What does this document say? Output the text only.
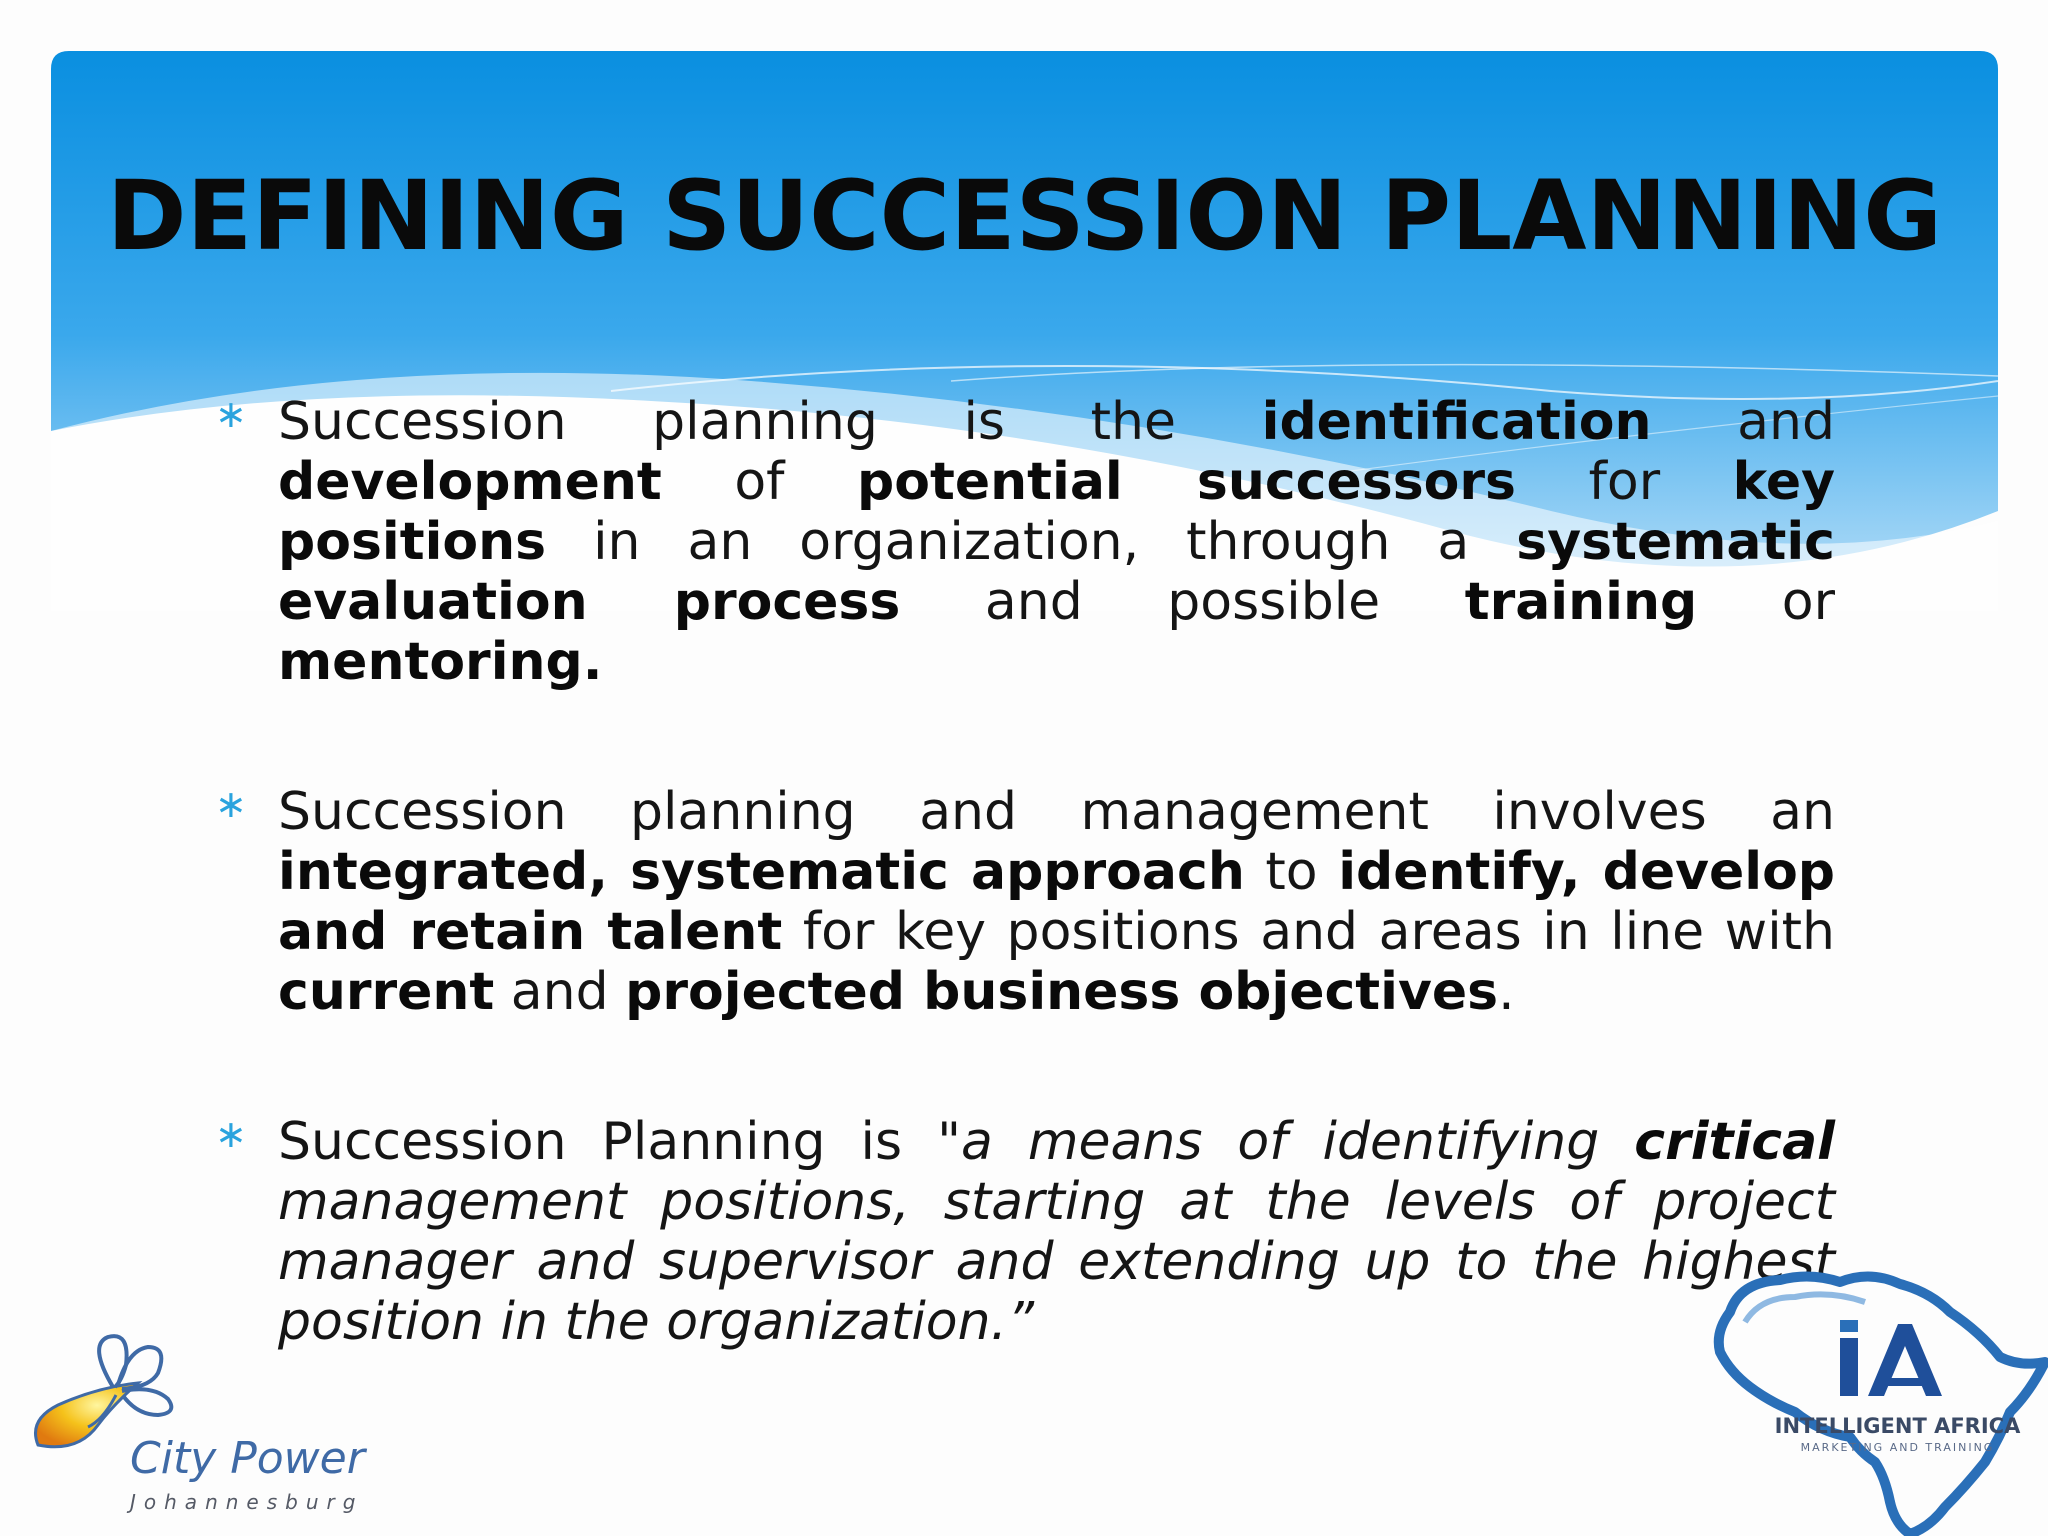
DEFINING SUCCESSION PLANNING
∗ Succession planning is the identification and development of potential successors for key positions in an organization, through a systematic evaluation process and possible training or mentoring.

∗ Succession planning and management involves an integrated, systematic approach to identify, develop and retain talent for key positions and areas in line with current and projected business objectives.

∗ Succession Planning is "a means of identifying critical management positions, starting at the levels of project manager and supervisor and extending up to the highest position in the organization.”

City Power
Johannesburg
INTELLIGENT AFRICA
MARKETING AND TRAINING
